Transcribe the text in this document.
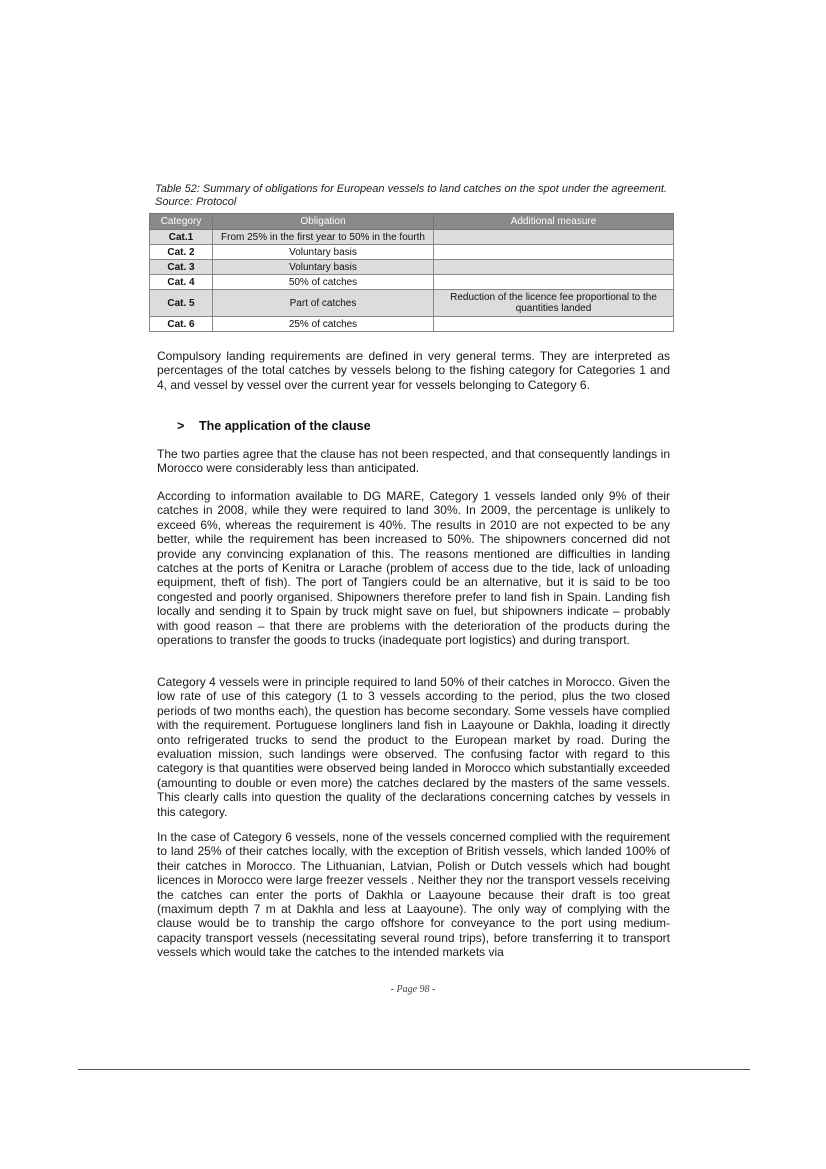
Table 52: Summary of obligations for European vessels to land catches on the spot under the agreement. Source: Protocol
Category	Obligation	Additional measure
Cat.1	From 25% in the first year to 50% in the fourth	
Cat. 2	Voluntary basis	
Cat. 3	Voluntary basis	
Cat. 4	50% of catches	
Cat. 5	Part of catches	Reduction of the licence fee proportional to the quantities landed
Cat. 6	25% of catches	
Compulsory landing requirements are defined in very general terms. They are interpreted as percentages of the total catches by vessels belong to the fishing category for Categories 1 and 4, and vessel by vessel over the current year for vessels belonging to Category 6.
> The application of the clause
The two parties agree that the clause has not been respected, and that consequently landings in Morocco were considerably less than anticipated.
According to information available to DG MARE, Category 1 vessels landed only 9% of their catches in 2008, while they were required to land 30%. In 2009, the percentage is unlikely to exceed 6%, whereas the requirement is 40%. The results in 2010 are not expected to be any better, while the requirement has been increased to 50%. The shipowners concerned did not provide any convincing explanation of this. The reasons mentioned are difficulties in landing catches at the ports of Kenitra or Larache (problem of access due to the tide, lack of unloading equipment, theft of fish). The port of Tangiers could be an alternative, but it is said to be too congested and poorly organised. Shipowners therefore prefer to land fish in Spain. Landing fish locally and sending it to Spain by truck might save on fuel, but shipowners indicate – probably with good reason – that there are problems with the deterioration of the products during the operations to transfer the goods to trucks (inadequate port logistics) and during transport.
Category 4 vessels were in principle required to land 50% of their catches in Morocco. Given the low rate of use of this category (1 to 3 vessels according to the period, plus the two closed periods of two months each), the question has become secondary. Some vessels have complied with the requirement. Portuguese longliners land fish in Laayoune or Dakhla, loading it directly onto refrigerated trucks to send the product to the European market by road. During the evaluation mission, such landings were observed. The confusing factor with regard to this category is that quantities were observed being landed in Morocco which substantially exceeded (amounting to double or even more) the catches declared by the masters of the same vessels. This clearly calls into question the quality of the declarations concerning catches by vessels in this category.
In the case of Category 6 vessels, none of the vessels concerned complied with the requirement to land 25% of their catches locally, with the exception of British vessels, which landed 100% of their catches in Morocco. The Lithuanian, Latvian, Polish or Dutch vessels which had bought licences in Morocco were large freezer vessels . Neither they nor the transport vessels receiving the catches can enter the ports of Dakhla or Laayoune because their draft is too great (maximum depth 7 m at Dakhla and less at Laayoune). The only way of complying with the clause would be to tranship the cargo offshore for conveyance to the port using medium-capacity transport vessels (necessitating several round trips), before transferring it to transport vessels which would take the catches to the intended markets via
- Page 98 -
